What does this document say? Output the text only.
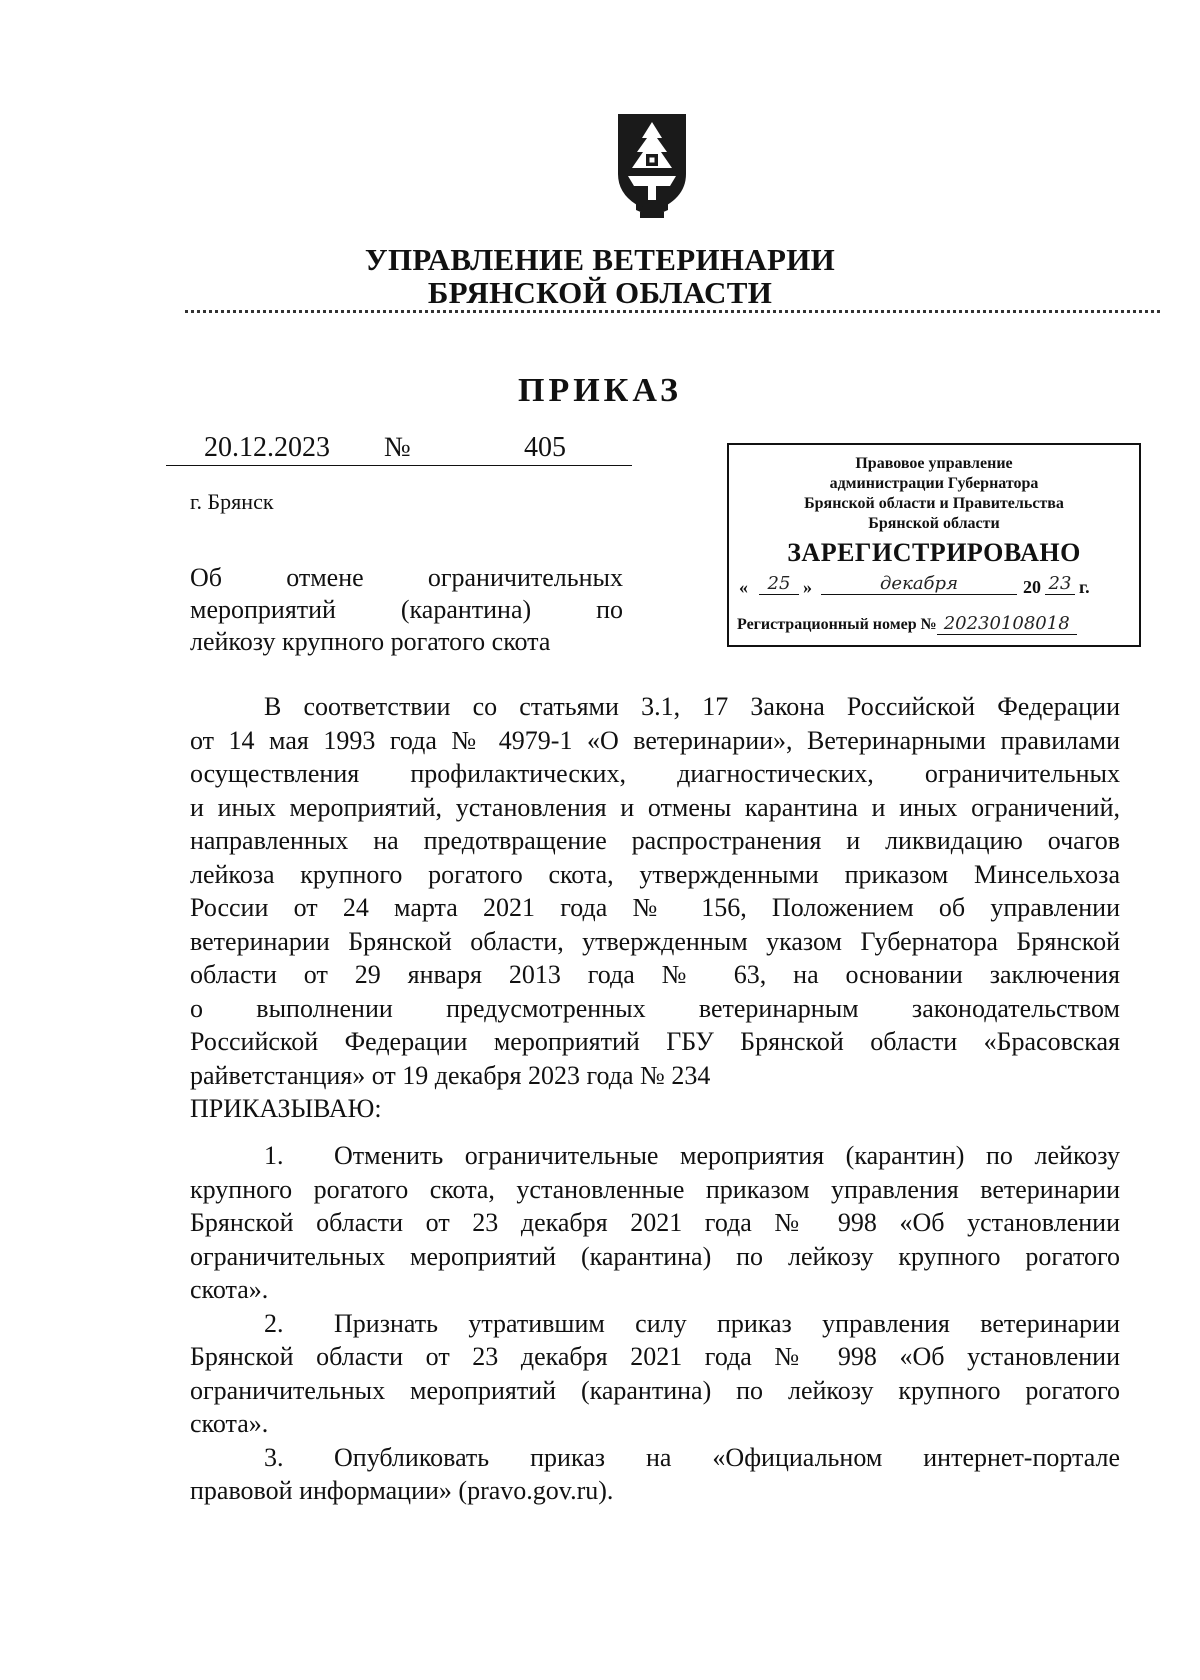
УПРАВЛЕНИЕ ВЕТЕРИНАРИИ
БРЯНСКОЙ ОБЛАСТИ
ПРИКАЗ
20.12.2023 №	405
г. Брянск
Об отмене ограничительных
мероприятий (карантина) по
лейкозу крупного рогатого скота
Правовое управление
администрации Губернатора
Брянской области и Правительства
Брянской области
ЗАРЕГИСТРИРОВАНО
«	25 »	декабря	20 23 г.
Регистрационный номер № 20230108018
В соответствии со статьями 3.1, 17 Закона Российской Федерации
от 14 мая 1993 года № 4979-1 «О ветеринарии», Ветеринарными правилами
осуществления профилактических, диагностических, ограничительных
и иных мероприятий, установления и отмены карантина и иных ограничений,
направленных на предотвращение распространения и ликвидацию очагов
лейкоза крупного рогатого скота, утвержденными приказом Минсельхоза
России от 24 марта 2021 года № 156, Положением об управлении
ветеринарии Брянской области, утвержденным указом Губернатора Брянской
области от 29 января 2013 года № 63, на основании заключения
о выполнении предусмотренных ветеринарным законодательством
Российской Федерации мероприятий ГБУ Брянской области «Брасовская
райветстанция» от 19 декабря 2023 года № 234
ПРИКАЗЫВАЮ:
1. Отменить ограничительные мероприятия (карантин) по лейкозу
крупного рогатого скота, установленные приказом управления ветеринарии
Брянской области от 23 декабря 2021 года № 998 «Об установлении
ограничительных мероприятий (карантина) по лейкозу крупного рогатого
скота».
2. Признать утратившим силу приказ управления ветеринарии
Брянской области от 23 декабря 2021 года № 998 «Об установлении
ограничительных мероприятий (карантина) по лейкозу крупного рогатого
скота».
3. Опубликовать приказ на «Официальном интернет-портале
правовой информации» (pravo.gov.ru).
